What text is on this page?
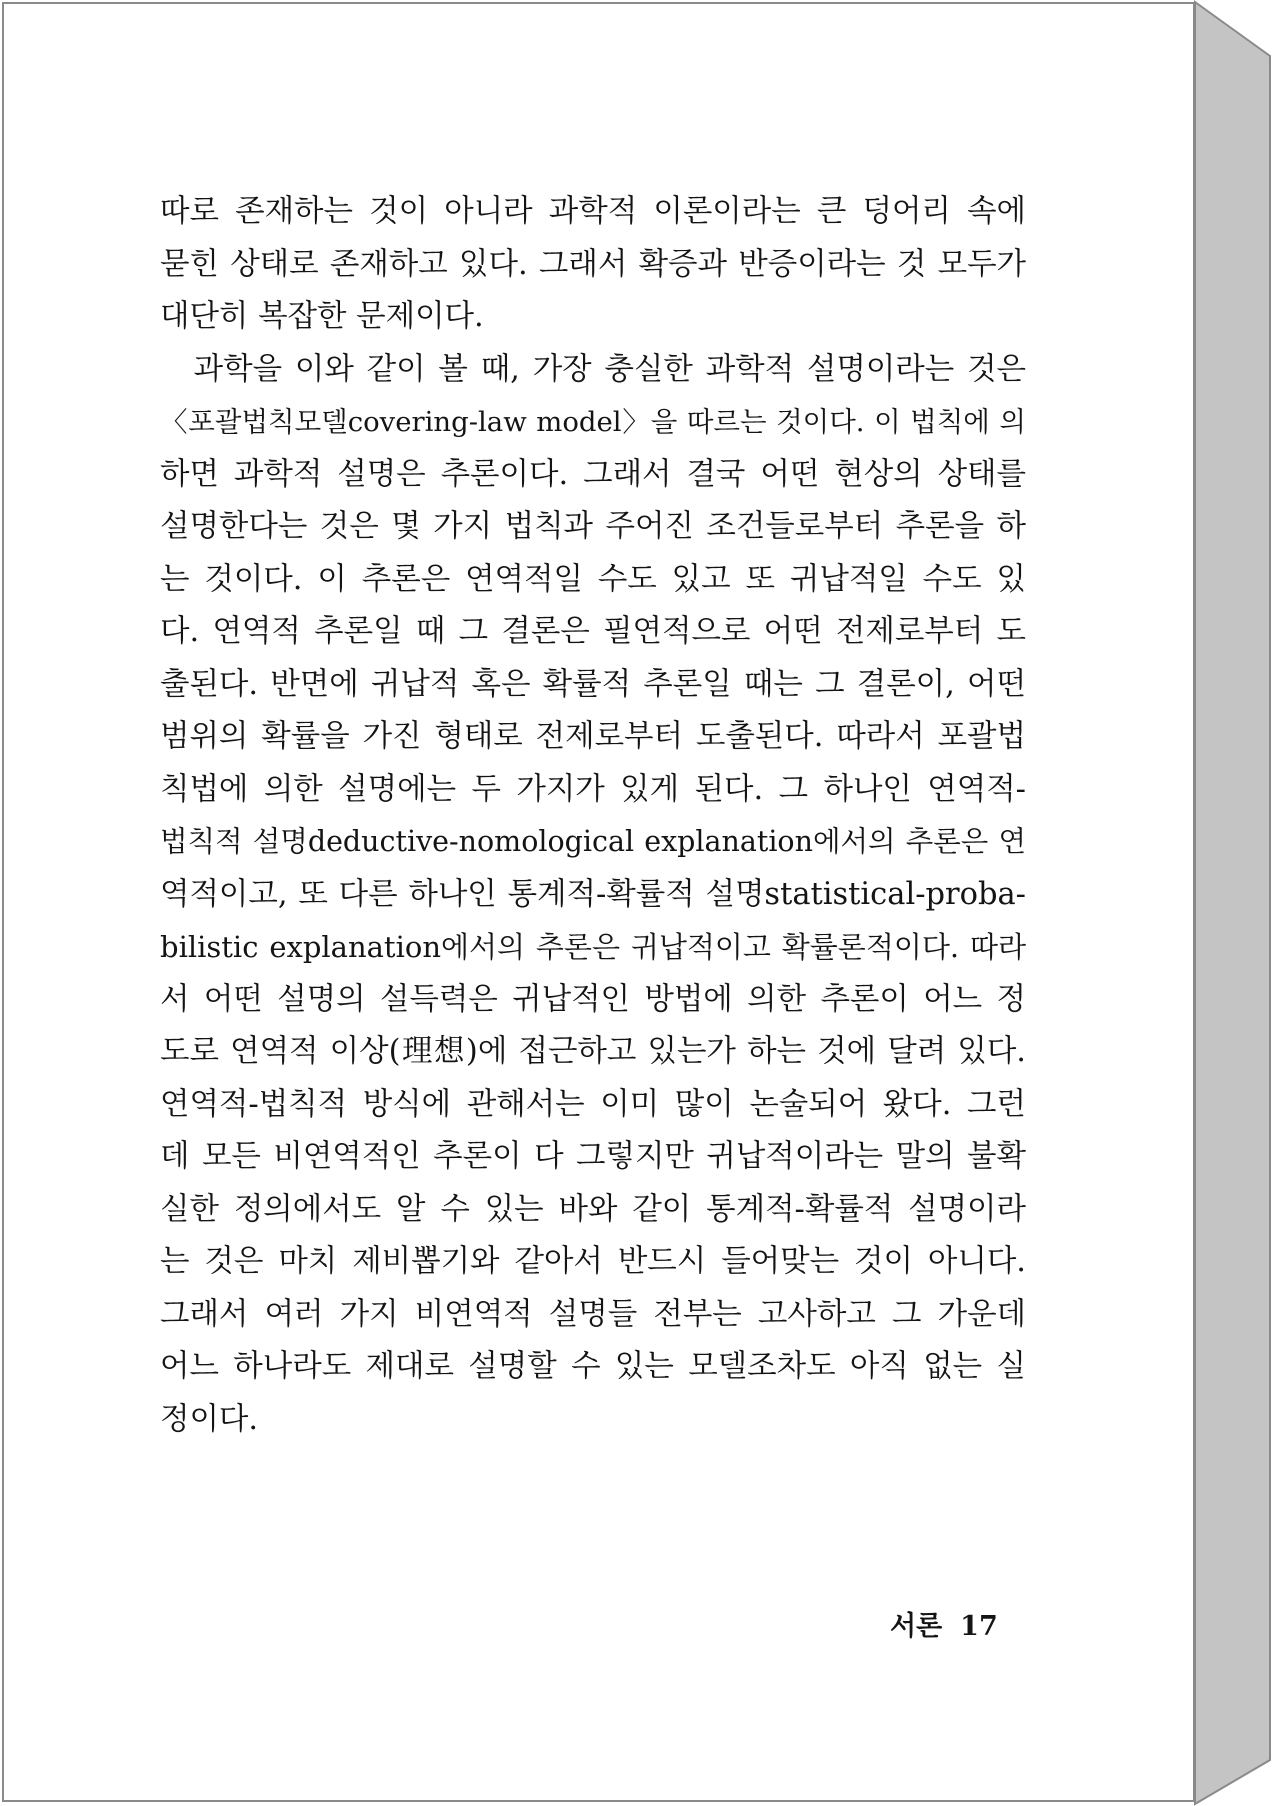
따로 존재하는 것이 아니라 과학적 이론이라는 큰 덩어리 속에
묻힌 상태로 존재하고 있다. 그래서 확증과 반증이라는 것 모두가
대단히 복잡한 문제이다.
　과학을 이와 같이 볼 때, 가장 충실한 과학적 설명이라는 것은
〈포괄법칙모델covering-law model〉을 따르는 것이다. 이 법칙에 의
하면 과학적 설명은 추론이다. 그래서 결국 어떤 현상의 상태를
설명한다는 것은 몇 가지 법칙과 주어진 조건들로부터 추론을 하
는 것이다. 이 추론은 연역적일 수도 있고 또 귀납적일 수도 있
다. 연역적 추론일 때 그 결론은 필연적으로 어떤 전제로부터 도
출된다. 반면에 귀납적 혹은 확률적 추론일 때는 그 결론이, 어떤
범위의 확률을 가진 형태로 전제로부터 도출된다. 따라서 포괄법
칙법에 의한 설명에는 두 가지가 있게 된다. 그 하나인 연역적-
법칙적 설명deductive-nomological explanation에서의 추론은 연
역적이고, 또 다른 하나인 통계적-확률적 설명statistical-proba-
bilistic explanation에서의 추론은 귀납적이고 확률론적이다. 따라
서 어떤 설명의 설득력은 귀납적인 방법에 의한 추론이 어느 정
도로 연역적 이상(理想)에 접근하고 있는가 하는 것에 달려 있다.
연역적-법칙적 방식에 관해서는 이미 많이 논술되어 왔다. 그런
데 모든 비연역적인 추론이 다 그렇지만 귀납적이라는 말의 불확
실한 정의에서도 알 수 있는 바와 같이 통계적-확률적 설명이라
는 것은 마치 제비뽑기와 같아서 반드시 들어맞는 것이 아니다.
그래서 여러 가지 비연역적 설명들 전부는 고사하고 그 가운데
어느 하나라도 제대로 설명할 수 있는 모델조차도 아직 없는 실
정이다.
서론 17
